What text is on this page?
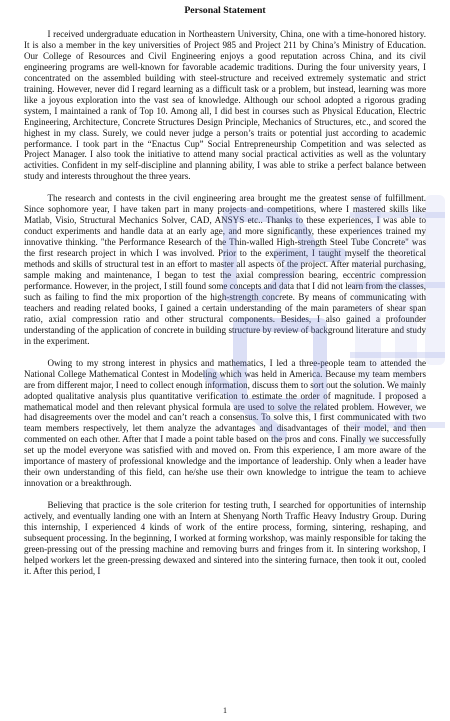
Personal Statement

I received undergraduate education in Northeastern University, China, one with a time-honored history. It is also a member in the key universities of Project 985 and Project 211 by China’s Ministry of Education. Our College of Resources and Civil Engineering enjoys a good reputation across China, and its civil engineering programs are well-known for favorable academic traditions. During the four university years, I concentrated on the assembled building with steel-structure and received extremely systematic and strict training. However, never did I regard learning as a difficult task or a problem, but instead, learning was more like a joyous exploration into the vast sea of knowledge. Although our school adopted a rigorous grading system, I maintained a rank of Top 10. Among all, I did best in courses such as Physical Education, Electric Engineering, Architecture, Concrete Structures Design Principle, Mechanics of Structures, etc., and scored the highest in my class. Surely, we could never judge a person’s traits or potential just according to academic performance. I took part in the “Enactus Cup” Social Entrepreneurship Competition and was selected as Project Manager. I also took the initiative to attend many social practical activities as well as the voluntary activities. Confident in my self-discipline and planning ability, I was able to strike a perfect balance between study and interests throughout the three years.

The research and contests in the civil engineering area brought me the greatest sense of fulfillment. Since sophomore year, I have taken part in many projects and competitions, where I mastered skills like Matlab, Visio, Structural Mechanics Solver, CAD, ANSYS etc.. Thanks to these experiences, I was able to conduct experiments and handle data at an early age, and more significantly, these experiences trained my innovative thinking. "the Performance Research of the Thin-walled High-strength Steel Tube Concrete" was the first research project in which I was involved. Prior to the experiment, I taught myself the theoretical methods and skills of structural test in an effort to master all aspects of the project. After material purchasing, sample making and maintenance, I began to test the axial compression bearing, eccentric compression performance. However, in the project, I still found some concepts and data that I did not learn from the classes, such as failing to find the mix proportion of the high-strength concrete. By means of communicating with teachers and reading related books, I gained a certain understanding of the main parameters of shear span ratio, axial compression ratio and other structural components. Besides, I also gained a profounder understanding of the application of concrete in building structure by review of background literature and study in the experiment.

Owing to my strong interest in physics and mathematics, I led a three-people team to attended the National College Mathematical Contest in Modeling which was held in America. Because my team members are from different major, I need to collect enough information, discuss them to sort out the solution. We mainly adopted qualitative analysis plus quantitative verification to estimate the order of magnitude. I proposed a mathematical model and then relevant physical formula are used to solve the related problem. However, we had disagreements over the model and can’t reach a consensus. To solve this, I first communicated with two team members respectively, let them analyze the advantages and disadvantages of their model, and then commented on each other. After that I made a point table based on the pros and cons. Finally we successfully set up the model everyone was satisfied with and moved on. From this experience, I am more aware of the importance of mastery of professional knowledge and the importance of leadership. Only when a leader have their own understanding of this field, can he/she use their own knowledge to intrigue the team to achieve innovation or a breakthrough.

Believing that practice is the sole criterion for testing truth, I searched for opportunities of internship actively, and eventually landing one with an Intern at Shenyang North Traffic Heavy Industry Group. During this internship, I experienced 4 kinds of work of the entire process, forming, sintering, reshaping, and subsequent processing. In the beginning, I worked at forming workshop, was mainly responsible for taking the green-pressing out of the pressing machine and removing burrs and fringes from it. In sintering workshop, I helped workers let the green-pressing dewaxed and sintered into the sintering furnace, then took it out, cooled it. After this period, I

1
